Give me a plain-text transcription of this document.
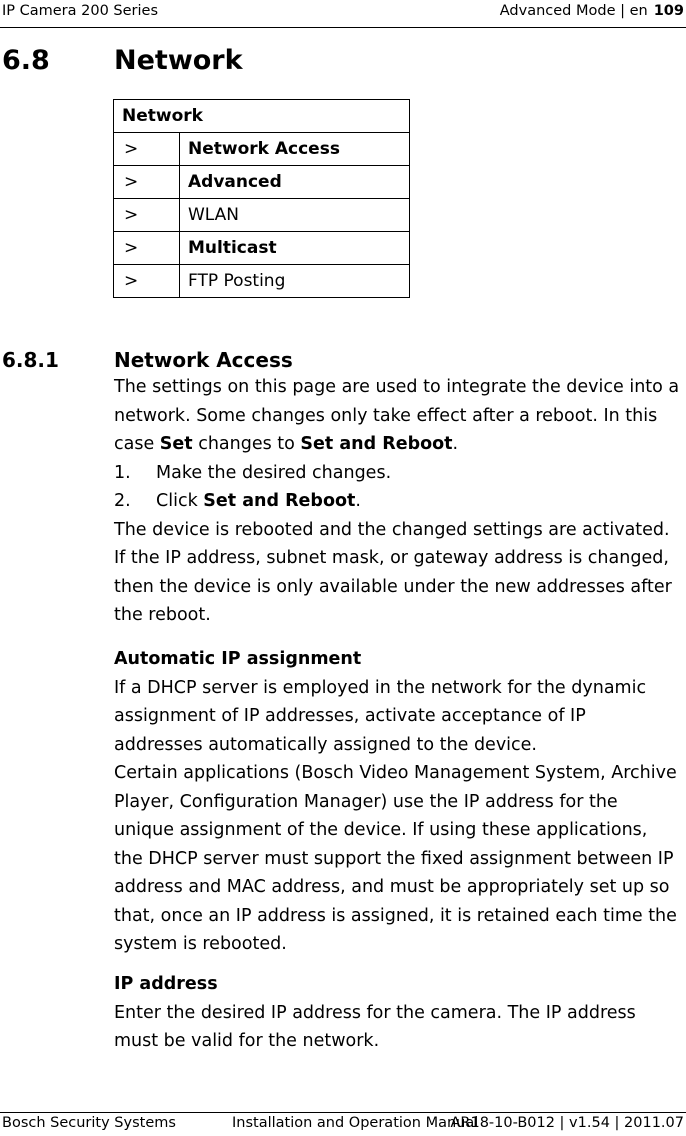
IP Camera 200 Series	Advanced Mode | en 109
6.8 Network
Network	
>	Network Access
>	Advanced
>	WLAN
>	Multicast
>	FTP Posting
6.8.1	Network Access

The settings on this page are used to integrate the device into a

network. Some changes only take effect after a reboot. In this

case Set changes to Set and Reboot.

1. Make the desired changes.
2. Click Set and Reboot.

The device is rebooted and the changed settings are activated.

If the IP address, subnet mask, or gateway address is changed,

then the device is only available under the new addresses after

the reboot.

Automatic IP assignment

If a DHCP server is employed in the network for the dynamic

assignment of IP addresses, activate acceptance of IP

addresses automatically assigned to the device.

Certain applications (Bosch Video Management System, Archive

Player, Configuration Manager) use the IP address for the

unique assignment of the device. If using these applications,

the DHCP server must support the fixed assignment between IP

address and MAC address, and must be appropriately set up so

that, once an IP address is assigned, it is retained each time the

system is rebooted.

IP address

Enter the desired IP address for the camera. The IP address

must be valid for the network.

Bosch Security Systems	Installation and Operation Manual
AR18-10-B012 | v1.54 | 2011.07
